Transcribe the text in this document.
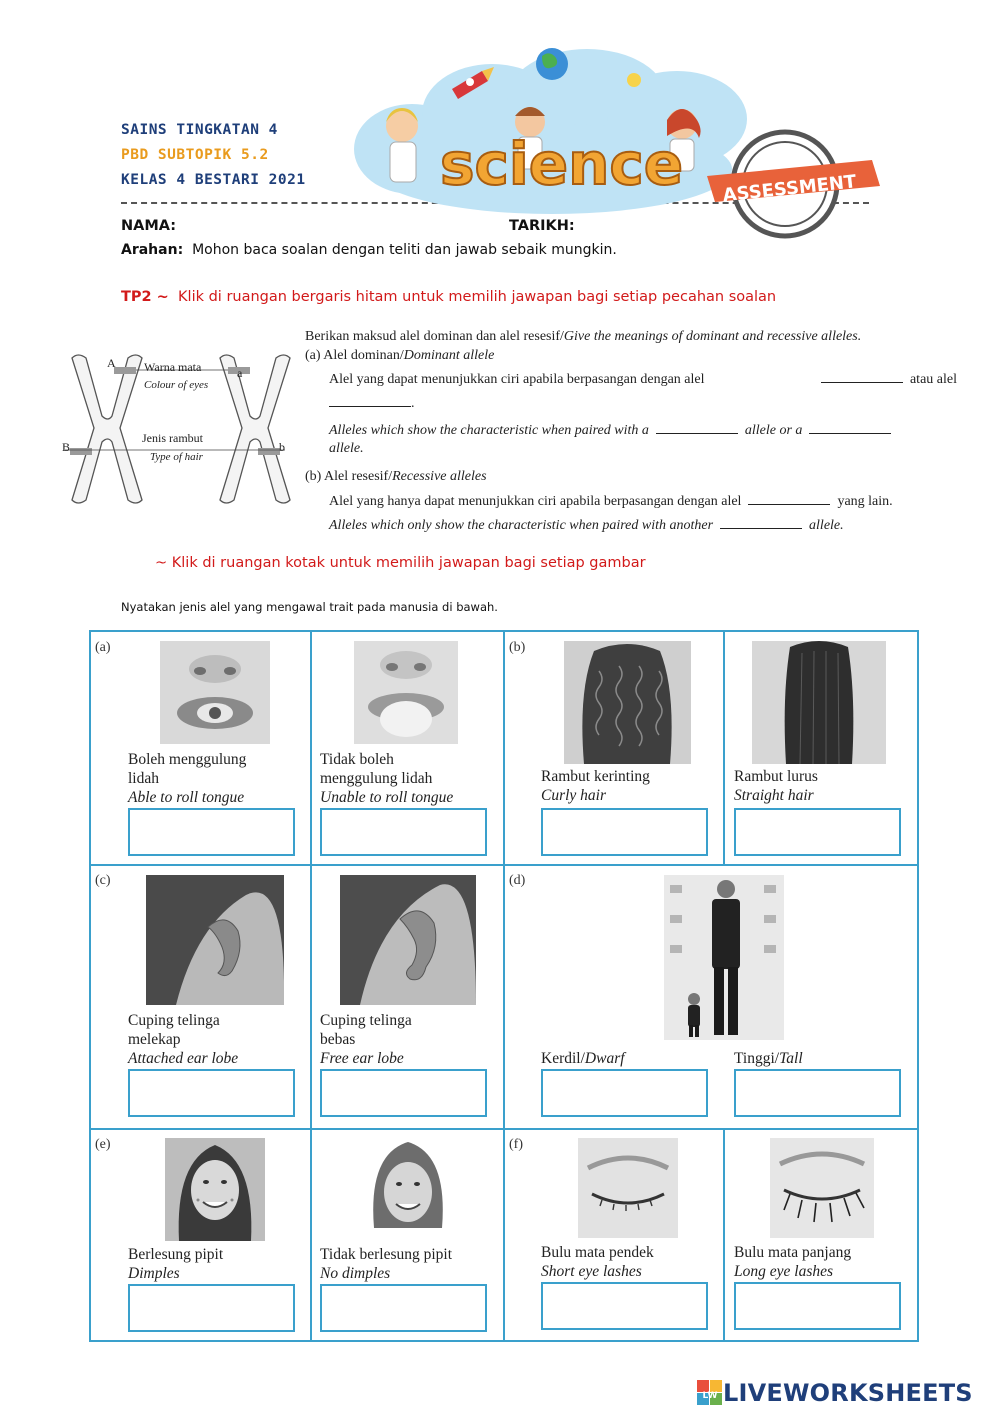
SAINS TINGKATAN 4
PBD SUBTOPIK 5.2
KELAS 4 BESTARI 2021 science ASSESSMENT
NAMA:	TARIKH:
Arahan: Mohon baca soalan dengan teliti dan jawab sebaik mungkin.
TP2 ~ Klik di ruangan bergaris hitam untuk memilih jawapan bagi setiap pecahan soalan
A
a
B	b
Warna mata
Colour of eyes
Jenis rambut
Type of hair
Berikan maksud alel dominan dan alel resesif/Give the meanings of dominant and recessive alleles.
(a) Alel dominan/Dominant allele
Alel yang dapat menunjukkan ciri apabila berpasangan dengan alel	atau alel
.
Alleles which show the characteristic when paired with a	allele or a
allele.
(b) Alel resesif/Recessive alleles
Alel yang hanya dapat menunjukkan ciri apabila berpasangan dengan alel	yang lain.
Alleles which only show the characteristic when paired with another	allele.
~ Klik di ruangan kotak untuk memilih jawapan bagi setiap gambar
Nyatakan jenis alel yang mengawal trait pada manusia di bawah.
(a)	(b)
(c)	(d)
(e)	(f)
Boleh menggulung
lidah
Able to roll tongue
Tidak boleh
menggulung lidah
Unable to roll tongue
Rambut kerinting
Curly hair
Rambut lurus
Straight hair
Cuping telinga
melekap
Attached ear lobe
Cuping telinga
bebas
Free ear lobe	Kerdil/Dwarf	Tinggi/Tall
Berlesung pipit
Dimples
Tidak berlesung pipit
No dimples
Bulu mata pendek
Short eye lashes
Bulu mata panjang
Long eye lashes
LW LIVEWORKSHEETS
